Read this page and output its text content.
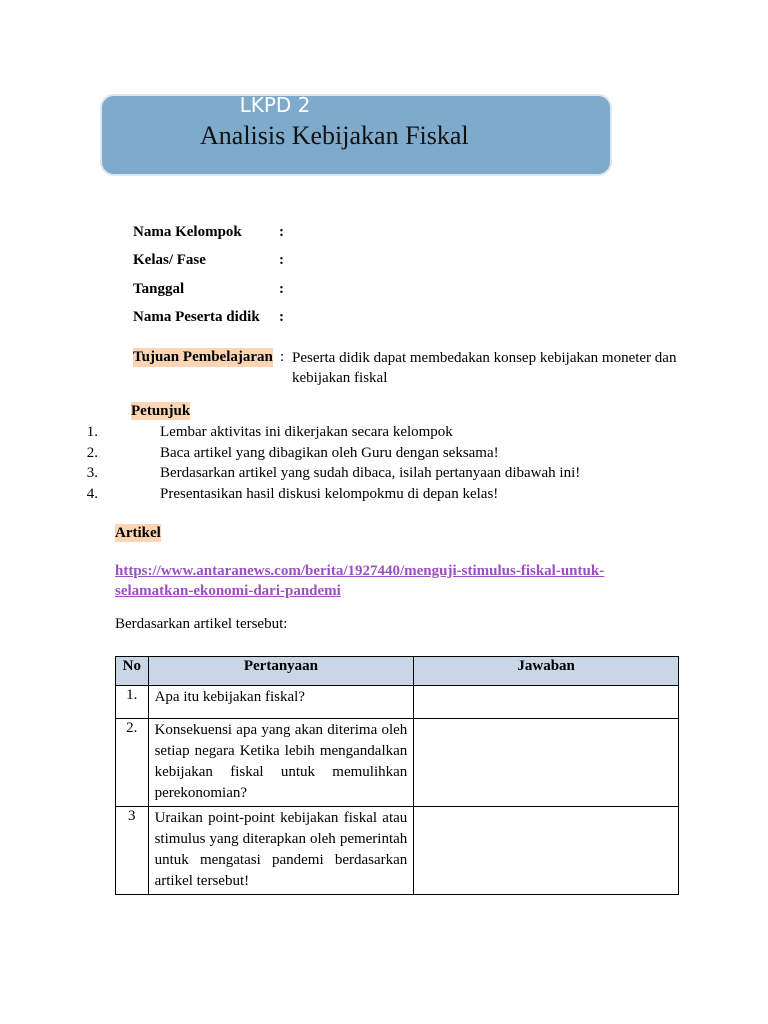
LKPD 2
Analisis Kebijakan Fiskal
Nama Kelompok :
Kelas/ Fase	:
Tanggal	:
Nama Peserta didik :
Tujuan Pembelajaran : Peserta didik dapat membedakan konsep kebijakan moneter dan kebijakan fiskal
Petunjuk
1.	Lembar aktivitas ini dikerjakan secara kelompok
2.	Baca artikel yang dibagikan oleh Guru dengan seksama!
3.	Berdasarkan artikel yang sudah dibaca, isilah pertanyaan dibawah ini!
4.	Presentasikan hasil diskusi kelompokmu di depan kelas!
Artikel
https://www.antaranews.com/berita/1927440/menguji-stimulus-fiskal-untuk-selamatkan-ekonomi-dari-pandemi
Berdasarkan artikel tersebut:
No	Pertanyaan	Jawaban
1.	Apa itu kebijakan fiskal?	
2.	Konsekuensi apa yang akan diterima oleh setiap negara Ketika lebih mengandalkan kebijakan fiskal untuk memulihkan perekonomian?	
3	Uraikan point-point kebijakan fiskal atau stimulus yang diterapkan oleh pemerintah untuk mengatasi pandemi berdasarkan artikel tersebut!	
